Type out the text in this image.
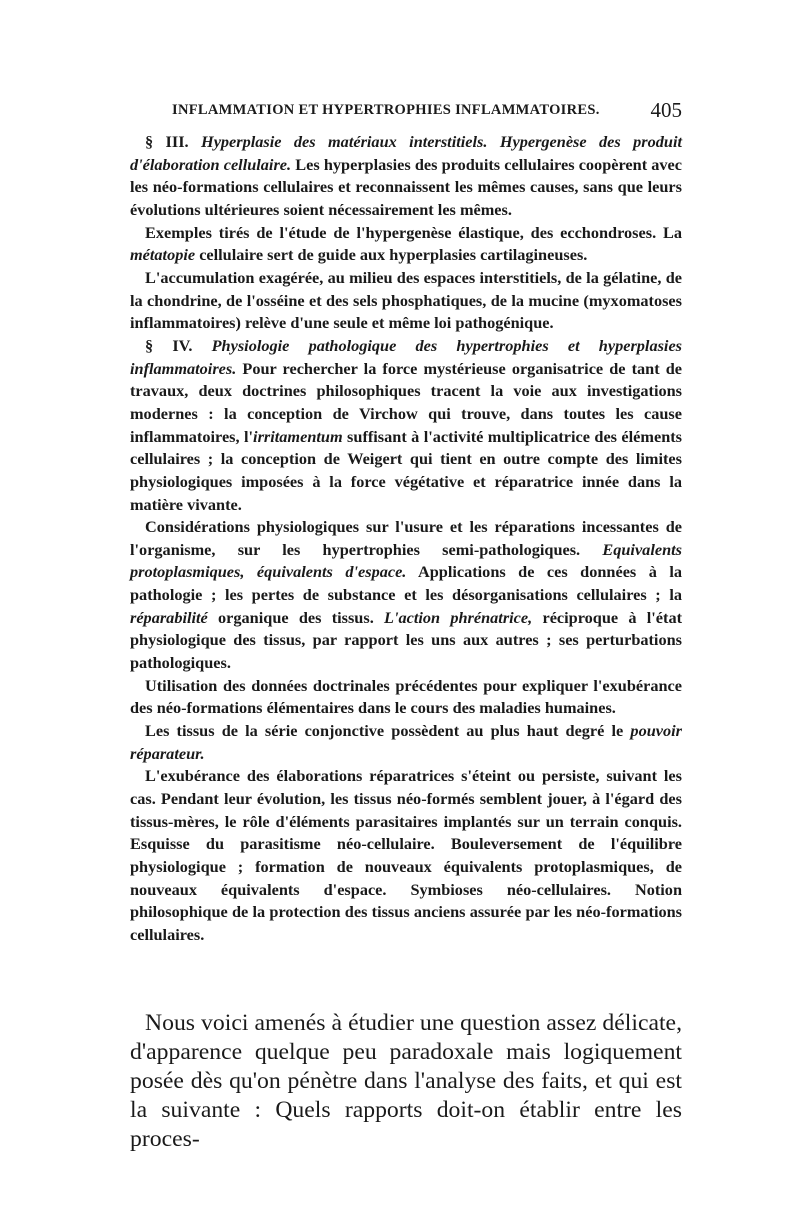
INFLAMMATION ET HYPERTROPHIES INFLAMMATOIRES. 405

§ III. Hyperplasie des matériaux interstitiels. Hypergenèse des produit d'élaboration cellulaire. Les hyperplasies des produits cellulaires coopèrent avec les néo-formations cellulaires et reconnaissent les mêmes causes, sans que leurs évolutions ultérieures soient nécessairement les mêmes.

Exemples tirés de l'étude de l'hypergenèse élastique, des ecchondroses. La métatopie cellulaire sert de guide aux hyperplasies cartilagineuses.

L'accumulation exagérée, au milieu des espaces interstitiels, de la gélatine, de la chondrine, de l'osséine et des sels phosphatiques, de la mucine (myxomatoses inflammatoires) relève d'une seule et même loi pathogénique.

§ IV. Physiologie pathologique des hypertrophies et hyperplasies inflammatoires. Pour rechercher la force mystérieuse organisatrice de tant de travaux, deux doctrines philosophiques tracent la voie aux investigations modernes : la conception de Virchow qui trouve, dans toutes les cause inflammatoires, l'irritamentum suffisant à l'activité multiplicatrice des éléments cellulaires ; la conception de Weigert qui tient en outre compte des limites physiologiques imposées à la force végétative et réparatrice innée dans la matière vivante.

Considérations physiologiques sur l'usure et les réparations incessantes de l'organisme, sur les hypertrophies semi-pathologiques. Equivalents protoplasmiques, équivalents d'espace. Applications de ces données à la pathologie ; les pertes de substance et les désorganisations cellulaires ; la réparabilité organique des tissus. L'action phrénatrice, réciproque à l'état physiologique des tissus, par rapport les uns aux autres ; ses perturbations pathologiques.

Utilisation des données doctrinales précédentes pour expliquer l'exubérance des néo-formations élémentaires dans le cours des maladies humaines.

Les tissus de la série conjonctive possèdent au plus haut degré le pouvoir réparateur.

L'exubérance des élaborations réparatrices s'éteint ou persiste, suivant les cas. Pendant leur évolution, les tissus néo-formés semblent jouer, à l'égard des tissus-mères, le rôle d'éléments parasitaires implantés sur un terrain conquis. Esquisse du parasitisme néo-cellulaire. Bouleversement de l'équilibre physiologique ; formation de nouveaux équivalents protoplasmiques, de nouveaux équivalents d'espace. Symbioses néo-cellulaires. Notion philosophique de la protection des tissus anciens assurée par les néo-formations cellulaires.

Nous voici amenés à étudier une question assez délicate, d'apparence quelque peu paradoxale mais logiquement posée dès qu'on pénètre dans l'analyse des faits, et qui est la suivante : Quels rapports doit-on établir entre les proces-
